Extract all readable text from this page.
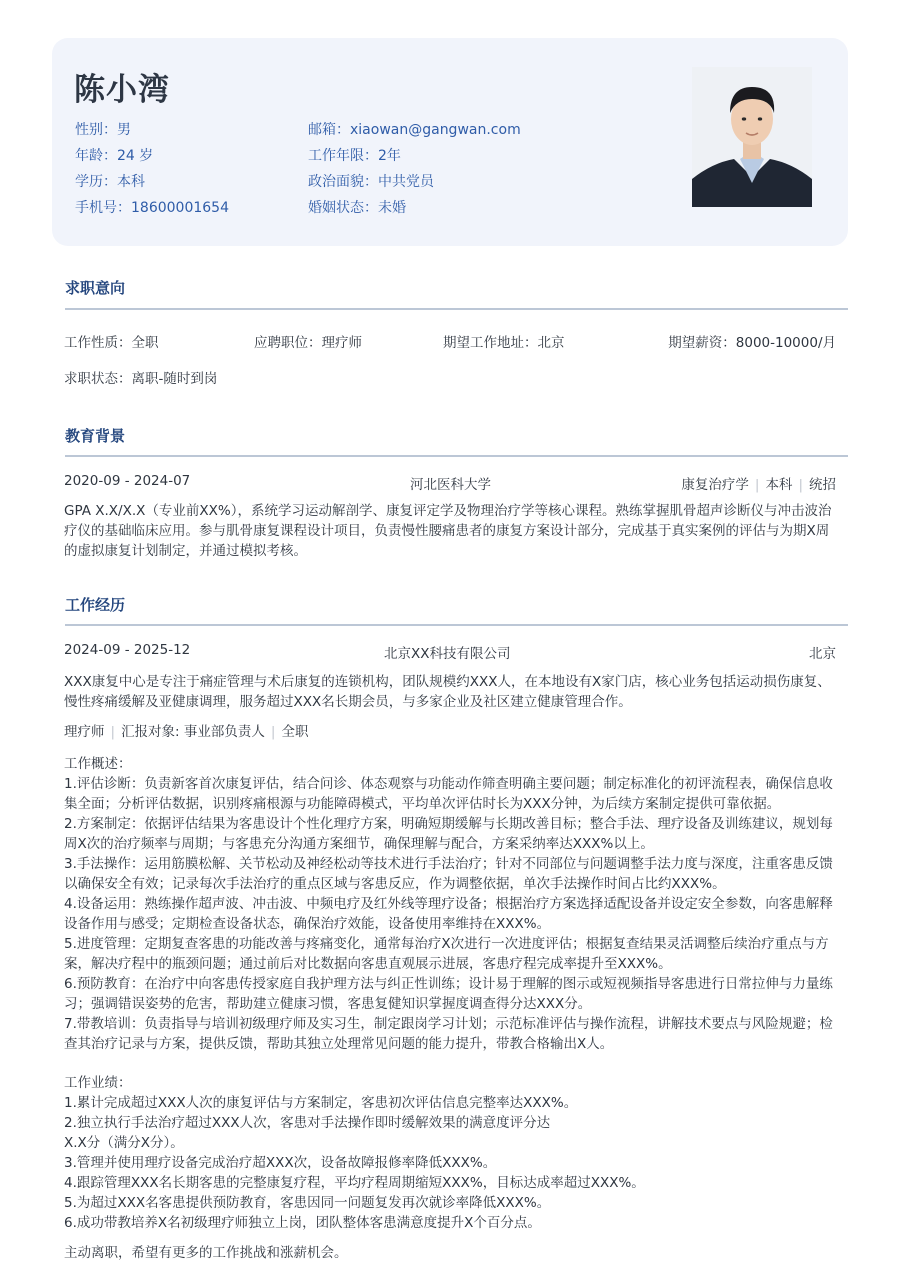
陈小湾
性别：男
年龄：24 岁
学历：本科
手机号：18600001654
邮箱：xiaowan@gangwan.com
工作年限：2年
政治面貌：中共党员
婚姻状态：未婚
求职意向
工作性质：全职	应聘职位：理疗师	期望工作地址：北京	期望薪资：8000-10000/月
求职状态：离职-随时到岗
教育背景
2020-09 - 2024-07	河北医科大学	康复治疗学 | 本科 | 统招
GPA X.X/X.X（专业前XX%），系统学习运动解剖学、康复评定学及物理治疗学等核心课程。熟练掌握肌骨超声诊断仪与冲击波治疗仪的基础临床应用。参与肌骨康复课程设计项目，负责慢性腰痛患者的康复方案设计部分，完成基于真实案例的评估与为期X周的虚拟康复计划制定，并通过模拟考核。
工作经历
2024-09 - 2025-12	北京XX科技有限公司	北京
XXX康复中心是专注于痛症管理与术后康复的连锁机构，团队规模约XXX人，在本地设有X家门店，核心业务包括运动损伤康复、慢性疼痛缓解及亚健康调理，服务超过XXX名长期会员，与多家企业及社区建立健康管理合作。
理疗师 | 汇报对象: 事业部负责人 | 全职
工作概述：
1.评估诊断：负责新客首次康复评估，结合问诊、体态观察与功能动作筛查明确主要问题；制定标准化的初评流程表，确保信息收集全面；分析评估数据，识别疼痛根源与功能障碍模式，平均单次评估时长为XXX分钟，为后续方案制定提供可靠依据。
2.方案制定：依据评估结果为客患设计个性化理疗方案，明确短期缓解与长期改善目标；整合手法、理疗设备及训练建议，规划每周X次的治疗频率与周期；与客患充分沟通方案细节，确保理解与配合，方案采纳率达XXX%以上。
3.手法操作：运用筋膜松解、关节松动及神经松动等技术进行手法治疗；针对不同部位与问题调整手法力度与深度，注重客患反馈以确保安全有效；记录每次手法治疗的重点区域与客患反应，作为调整依据，单次手法操作时间占比约XXX%。
4.设备运用：熟练操作超声波、冲击波、中频电疗及红外线等理疗设备；根据治疗方案选择适配设备并设定安全参数，向客患解释设备作用与感受；定期检查设备状态，确保治疗效能，设备使用率维持在XXX%。
5.进度管理：定期复查客患的功能改善与疼痛变化，通常每治疗X次进行一次进度评估；根据复查结果灵活调整后续治疗重点与方案，解决疗程中的瓶颈问题；通过前后对比数据向客患直观展示进展，客患疗程完成率提升至XXX%。
6.预防教育：在治疗中向客患传授家庭自我护理方法与纠正性训练；设计易于理解的图示或短视频指导客患进行日常拉伸与力量练习；强调错误姿势的危害，帮助建立健康习惯，客患复健知识掌握度调查得分达XXX分。
7.带教培训：负责指导与培训初级理疗师及实习生，制定跟岗学习计划；示范标准评估与操作流程，讲解技术要点与风险规避；检查其治疗记录与方案，提供反馈，帮助其独立处理常见问题的能力提升，带教合格输出X人。
工作业绩：
1.累计完成超过XXX人次的康复评估与方案制定，客患初次评估信息完整率达XXX%。
2.独立执行手法治疗超过XXX人次，客患对手法操作即时缓解效果的满意度评分达
X.X分（满分X分）。
3.管理并使用理疗设备完成治疗超XXX次，设备故障报修率降低XXX%。
4.跟踪管理XXX名长期客患的完整康复疗程，平均疗程周期缩短XXX%，目标达成率超过XXX%。
5.为超过XXX名客患提供预防教育，客患因同一问题复发再次就诊率降低XXX%。
6.成功带教培养X名初级理疗师独立上岗，团队整体客患满意度提升X个百分点。
主动离职，希望有更多的工作挑战和涨薪机会。
